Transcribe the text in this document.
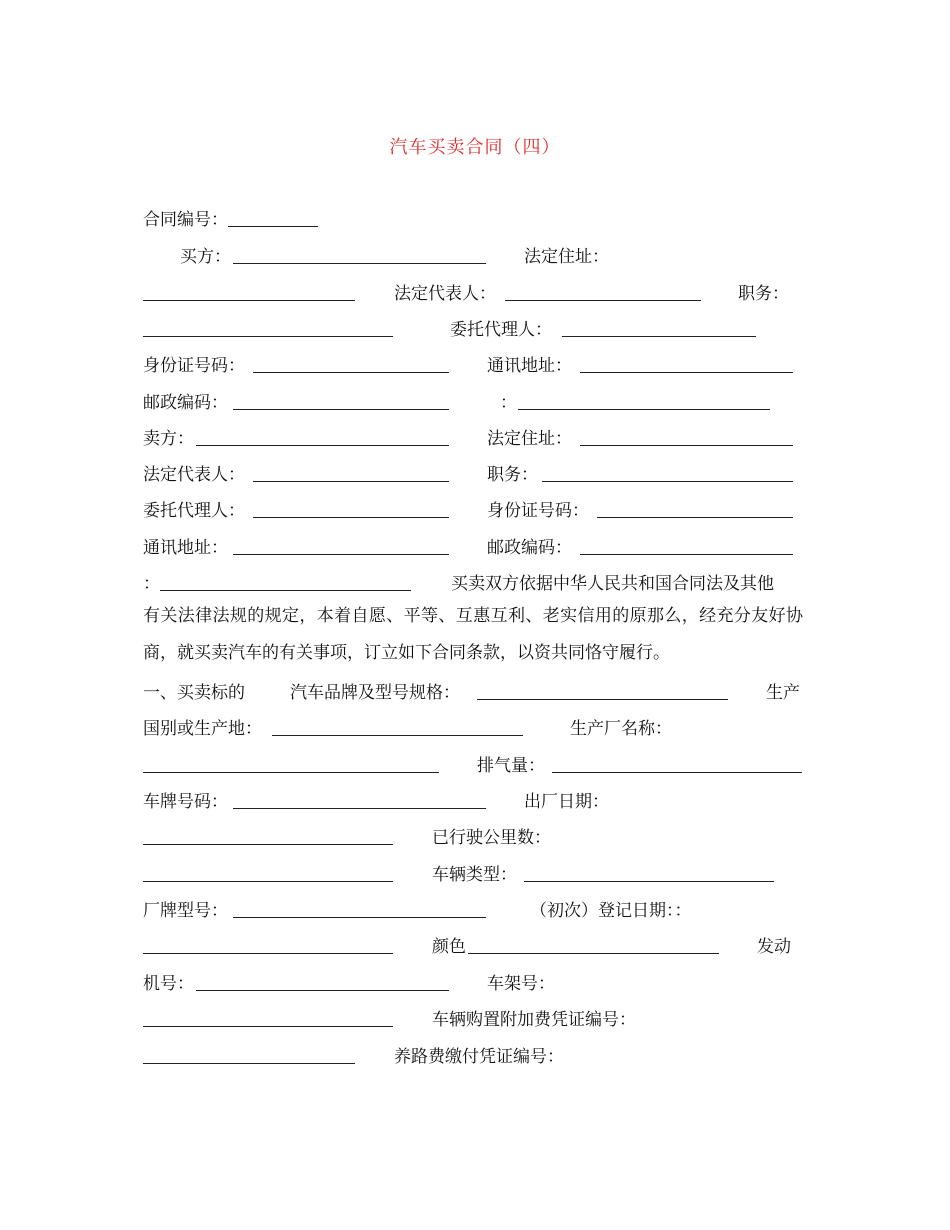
汽车买卖合同（四）
合同编号：
买方：	法定住址：
法定代表人：	职务：
委托代理人：
身份证号码：	通讯地址：
邮政编码：	：
卖方：	法定住址：
法定代表人：	职务：
委托代理人：	身份证号码：
通讯地址：	邮政编码：
：	买卖双方依据中华人民共和国合同法及其他
有关法律法规的规定，本着自愿、平等、互惠互利、老实信用的原那么，经充分友好协商，就买卖汽车的有关事项，订立如下合同条款，以资共同恪守履行。
一、买卖标的	汽车品牌及型号规格：	生产
国别或生产地：	生产厂名称：
排气量：
车牌号码：	出厂日期：
已行驶公里数：
车辆类型：
厂牌型号：	（初次）登记日期：：
颜色	发动
机号：	车架号：
车辆购置附加费凭证编号：
养路费缴付凭证编号：
